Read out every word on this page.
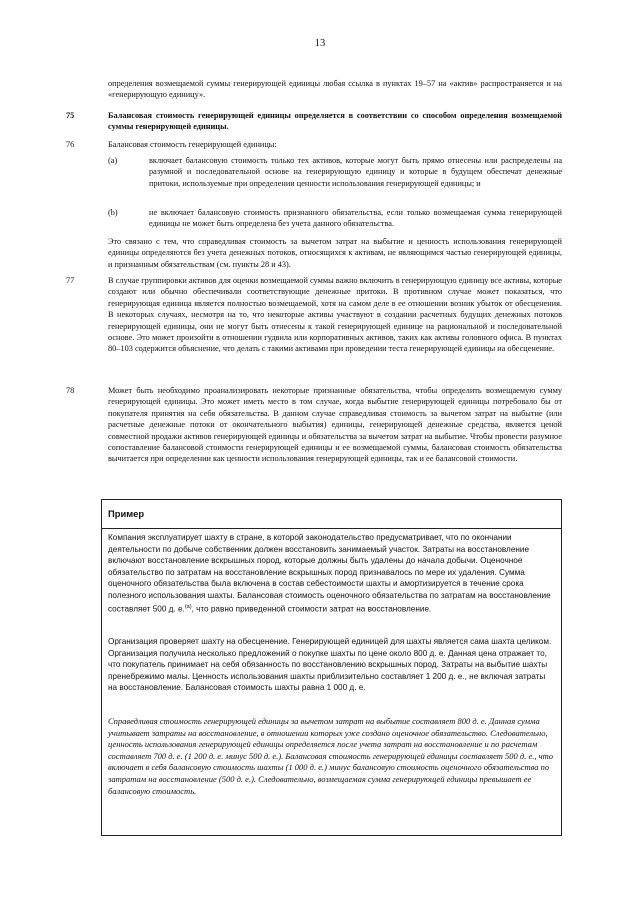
13
определения возмещаемой суммы генерирующей единицы любая ссылка в пунктах 19–57 на «актив» распространяется и на «генерирующую единицу».
75	Балансовая стоимость генерирующей единицы определяется в соответствии со способом определения возмещаемой суммы генерирующей единицы.
76	Балансовая стоимость генерирующей единицы:
(a)	включает балансовую стоимость только тех активов, которые могут быть прямо отнесены или распределены на разумной и последовательной основе на генерирующую единицу и которые в будущем обеспечат денежные притоки, используемые при определении ценности использования генерирующей единицы; и
(b)	не включает балансовую стоимость признанного обязательства, если только возмещаемая сумма генерирующей единицы не может быть определена без учета данного обязательства.
Это связано с тем, что справедливая стоимость за вычетом затрат на выбытие и ценность использования генерирующей единицы определяются без учета денежных потоков, относящихся к активам, не являющимся частью генерирующей единицы, и признанным обязательствам (см. пункты 28 и 43).
77	В случае группировки активов для оценки возмещаемой суммы важно включить в генерирующую единицу все активы, которые создают или обычно обеспечивали соответствующие денежные притоки. В противном случае может показаться, что генерирующая единица является полностью возмещаемой, хотя на самом деле в ее отношении возник убыток от обесценения. В некоторых случаях, несмотря на то, что некоторые активы участвуют в создании расчетных будущих денежных потоков генерирующей единицы, они не могут быть отнесены к такой генерирующей единице на рациональной и последовательной основе. Это может произойти в отношении гудвила или корпоративных активов, таких как активы головного офиса. В пунктах 80–103 содержится объяснение, что делать с такими активами при проведении теста генерирующей единицы на обесценение.
78	Может быть необходимо проанализировать некоторые признанные обязательства, чтобы определить возмещаемую сумму генерирующей единицы. Это может иметь место в том случае, когда выбытие генерирующей единицы потребовало бы от покупателя принятия на себя обязательства. В данном случае справедливая стоимость за вычетом затрат на выбытие (или расчетные денежные потоки от окончательного выбытия) единицы, генерирующей денежные средства, является ценой совместной продажи активов генерирующей единицы и обязательства за вычетом затрат на выбытие. Чтобы провести разумное сопоставление балансовой стоимости генерирующей единицы и ее возмещаемой суммы, балансовая стоимость обязательства вычитается при определении как ценности использования генерирующей единицы, так и ее балансовой стоимости.
Пример
Компания эксплуатирует шахту в стране, в которой законодательство предусматривает, что по окончании деятельности по добыче собственник должен восстановить занимаемый участок. Затраты на восстановление включают восстановление вскрышных пород, которые должны быть удалены до начала добычи. Оценочное обязательство по затратам на восстановление вскрышных пород признавалось по мере их удаления. Сумма оценочного обязательства была включена в состав себестоимости шахты и амортизируется в течение срока полезного использования шахты. Балансовая стоимость оценочного обязательства по затратам на восстановление составляет 500 д. е.$^{(a)}$, что равно приведенной стоимости затрат на восстановление.
Организация проверяет шахту на обесценение. Генерирующей единицей для шахты является сама шахта целиком. Организация получила несколько предложений о покупке шахты по цене около 800 д. е. Данная цена отражает то, что покупатель принимает на себя обязанность по восстановлению вскрышных пород. Затраты на выбытие шахты пренебрежимо малы. Ценность использования шахты приблизительно составляет 1 200 д. е., не включая затраты на восстановление. Балансовая стоимость шахты равна 1 000 д. е.
Справедливая стоимость генерирующей единицы за вычетом затрат на выбытие составляет 800 д. е. Данная сумма учитывает затраты на восстановление, в отношении которых уже создано оценочное обязательство. Следовательно, ценность использования генерирующей единицы определяется после учета затрат на восстановление и по расчетам составляет 700 д. е. (1 200 д. е. минус 500 д. е.). Балансовая стоимость генерирующей единицы составляет 500 д. е., что включает в себя балансовую стоимость шахты (1 000 д. е.) минус балансовую стоимость оценочного обязательства по затратам на восстановление (500 д. е.). Следовательно, возмещаемая сумма генерирующей единицы превышает ее балансовую стоимость.
